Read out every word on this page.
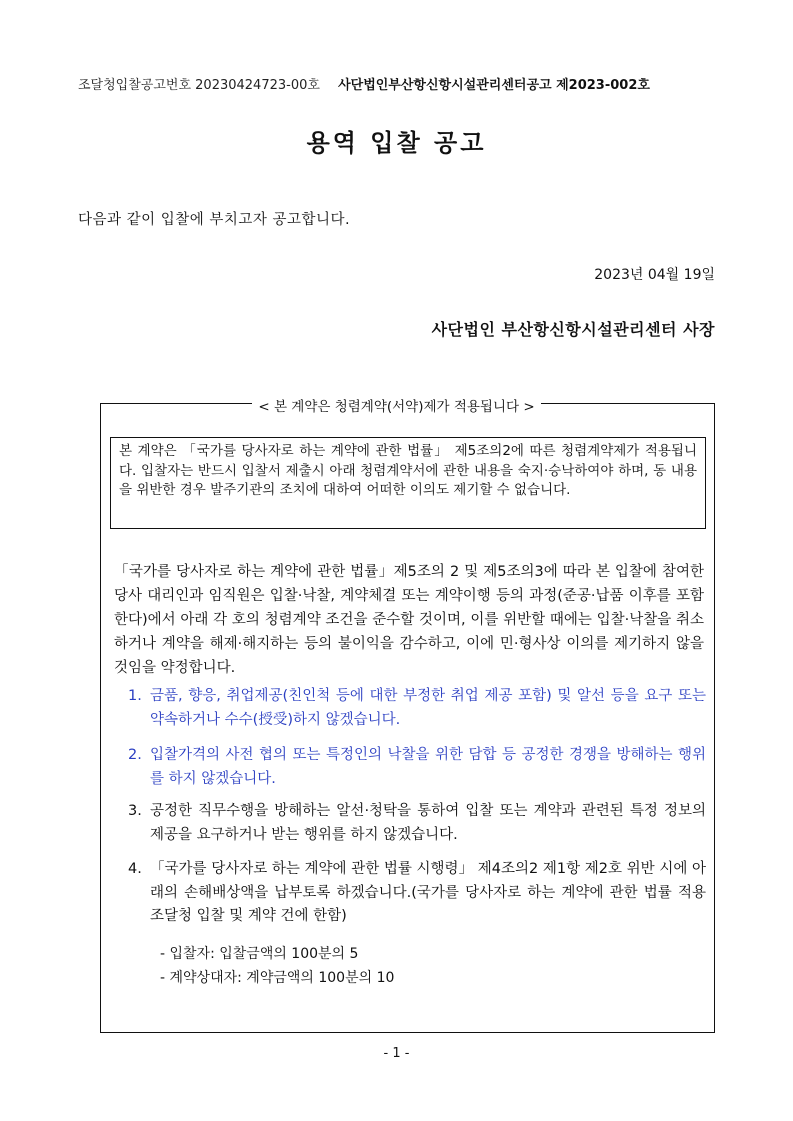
조달청입찰공고번호 20230424723-00호 사단법인부산항신항시설관리센터공고 제2023-002호
용역 입찰 공고
다음과 같이 입찰에 부치고자 공고합니다.
2023년 04월 19일
사단법인 부산항신항시설관리센터 사장
< 본 계약은 청렴계약(서약)제가 적용됩니다 >
본 계약은 「국가를 당사자로 하는 계약에 관한 법률」 제5조의2에 따른 청렴계약제가 적용됩니다. 입찰자는 반드시 입찰서 제출시 아래 청렴계약서에 관한 내용을 숙지·승낙하여야 하며, 동 내용을 위반한 경우 발주기관의 조치에 대하여 어떠한 이의도 제기할 수 없습니다.
「국가를 당사자로 하는 계약에 관한 법률」제5조의 2 및 제5조의3에 따라 본 입찰에 참여한 당사 대리인과 임직원은 입찰·낙찰, 계약체결 또는 계약이행 등의 과정(준공·납품 이후를 포함한다)에서 아래 각 호의 청렴계약 조건을 준수할 것이며, 이를 위반할 때에는 입찰·낙찰을 취소하거나 계약을 해제·해지하는 등의 불이익을 감수하고, 이에 민·형사상 이의를 제기하지 않을 것임을 약정합니다.
1. 금품, 향응, 취업제공(친인척 등에 대한 부정한 취업 제공 포함) 및 알선 등을 요구 또는 약속하거나 수수(授受)하지 않겠습니다.
2. 입찰가격의 사전 협의 또는 특정인의 낙찰을 위한 담합 등 공정한 경쟁을 방해하는 행위를 하지 않겠습니다.
3. 공정한 직무수행을 방해하는 알선·청탁을 통하여 입찰 또는 계약과 관련된 특정 정보의 제공을 요구하거나 받는 행위를 하지 않겠습니다.
4. 「국가를 당사자로 하는 계약에 관한 법률 시행령」 제4조의2 제1항 제2호 위반 시에 아래의 손해배상액을 납부토록 하겠습니다.(국가를 당사자로 하는 계약에 관한 법률 적용 조달청 입찰 및 계약 건에 한함)
- 입찰자: 입찰금액의 100분의 5
- 계약상대자: 계약금액의 100분의 10
- 1 -
